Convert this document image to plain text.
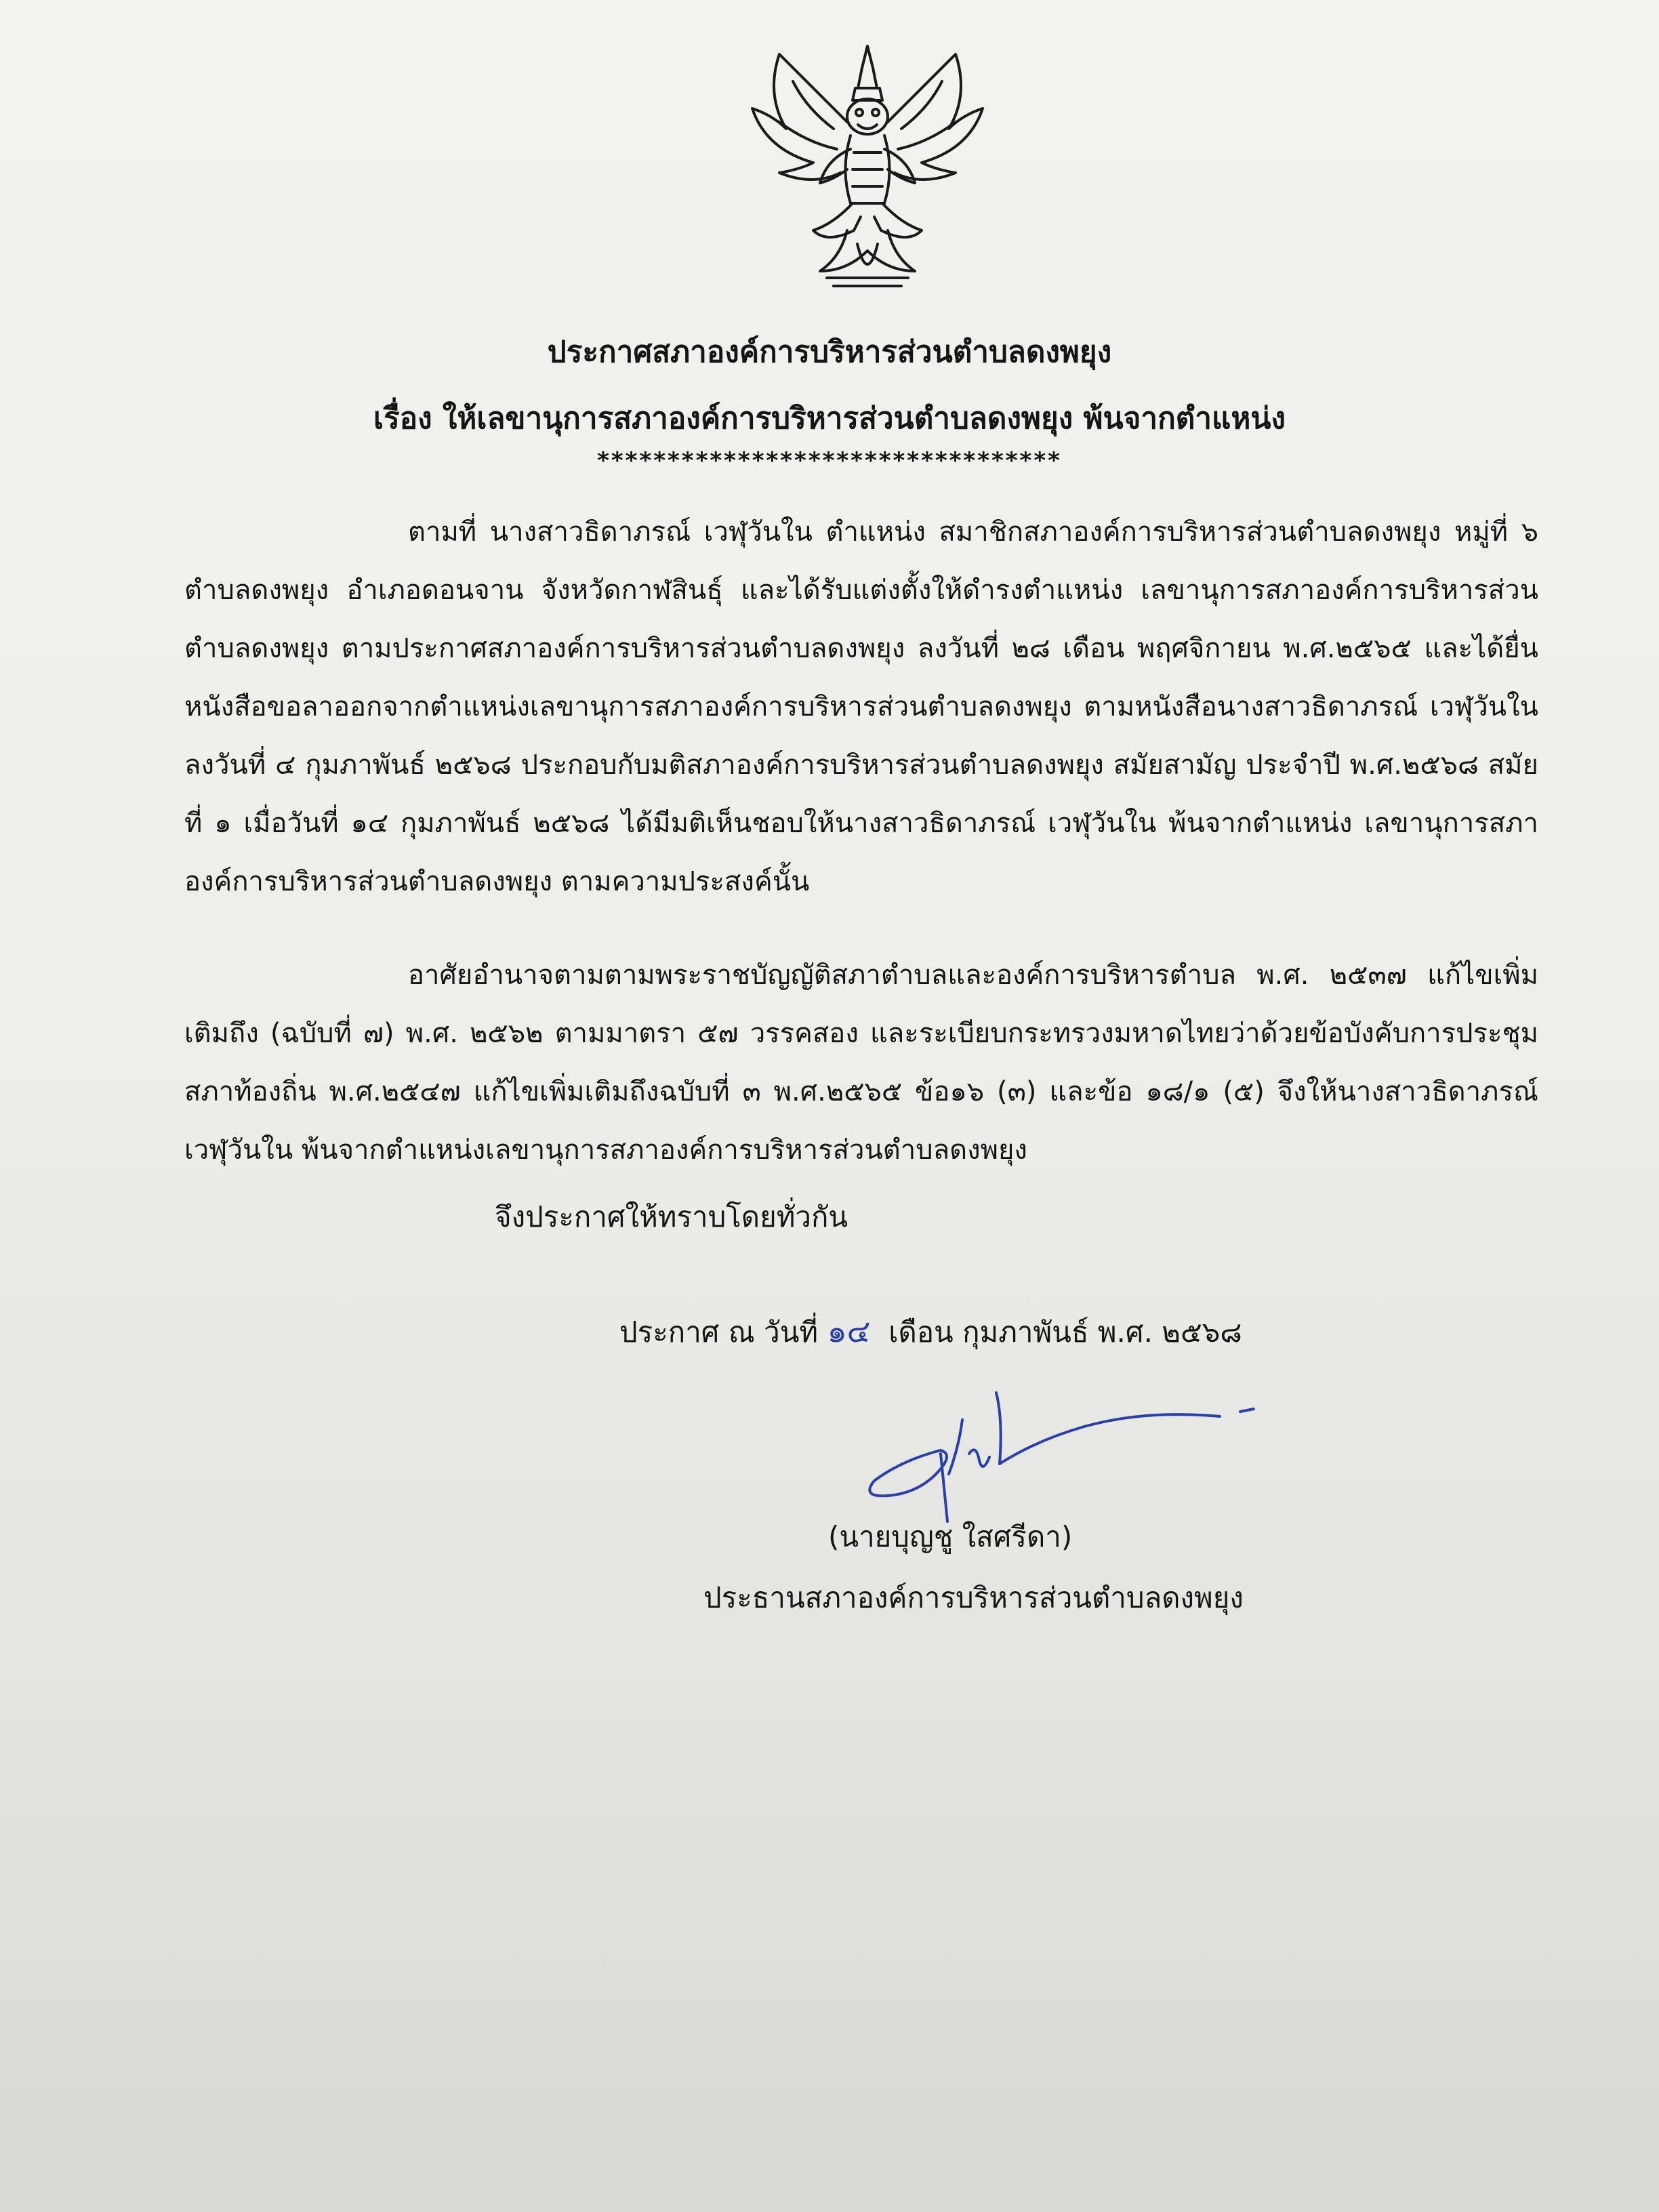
ประกาศสภาองค์การบริหารส่วนตำบลดงพยุง
เรื่อง ให้เลขานุการสภาองค์การบริหารส่วนตำบลดงพยุง พ้นจากตำแหน่ง
*********************************
ตามที่ นางสาวธิดาภรณ์ เวฬุวันใน ตำแหน่ง สมาชิกสภาองค์การบริหารส่วนตำบลดงพยุง หมู่ที่ ๖ ตำบลดงพยุง อำเภอดอนจาน จังหวัดกาฬสินธุ์ และได้รับแต่งตั้งให้ดำรงตำแหน่ง เลขานุการสภาองค์การบริหารส่วนตำบลดงพยุง ตามประกาศสภาองค์การบริหารส่วนตำบลดงพยุง ลงวันที่ ๒๘ เดือน พฤศจิกายน พ.ศ.๒๕๖๕ และได้ยื่นหนังสือขอลาออกจากตำแหน่งเลขานุการสภาองค์การบริหารส่วนตำบลดงพยุง ตามหนังสือนางสาวธิดาภรณ์ เวฬุวันใน ลงวันที่ ๔ กุมภาพันธ์ ๒๕๖๘ ประกอบกับมติสภาองค์การบริหารส่วนตำบลดงพยุง สมัยสามัญ ประจำปี พ.ศ.๒๕๖๘ สมัยที่ ๑ เมื่อวันที่ ๑๔ กุมภาพันธ์ ๒๕๖๘ ได้มีมติเห็นชอบให้นางสาวธิดาภรณ์ เวฬุวันใน พ้นจากตำแหน่ง เลขานุการสภาองค์การบริหารส่วนตำบลดงพยุง ตามความประสงค์นั้น
อาศัยอำนาจตามตามพระราชบัญญัติสภาตำบลและองค์การบริหารตำบล พ.ศ. ๒๕๓๗ แก้ไขเพิ่มเติมถึง (ฉบับที่ ๗) พ.ศ. ๒๕๖๒ ตามมาตรา ๕๗ วรรคสอง และระเบียบกระทรวงมหาดไทยว่าด้วยข้อบังคับการประชุมสภาท้องถิ่น พ.ศ.๒๕๔๗ แก้ไขเพิ่มเติมถึงฉบับที่ ๓ พ.ศ.๒๕๖๕ ข้อ๑๖ (๓) และข้อ ๑๘/๑ (๕) จึงให้นางสาวธิดาภรณ์ เวฬุวันใน พ้นจากตำแหน่งเลขานุการสภาองค์การบริหารส่วนตำบลดงพยุง
จึงประกาศให้ทราบโดยทั่วกัน
ประกาศ ณ วันที่ ๑๔ เดือน กุมภาพันธ์ พ.ศ. ๒๕๖๘
(นายบุญชู ใสศรีดา)
ประธานสภาองค์การบริหารส่วนตำบลดงพยุง
